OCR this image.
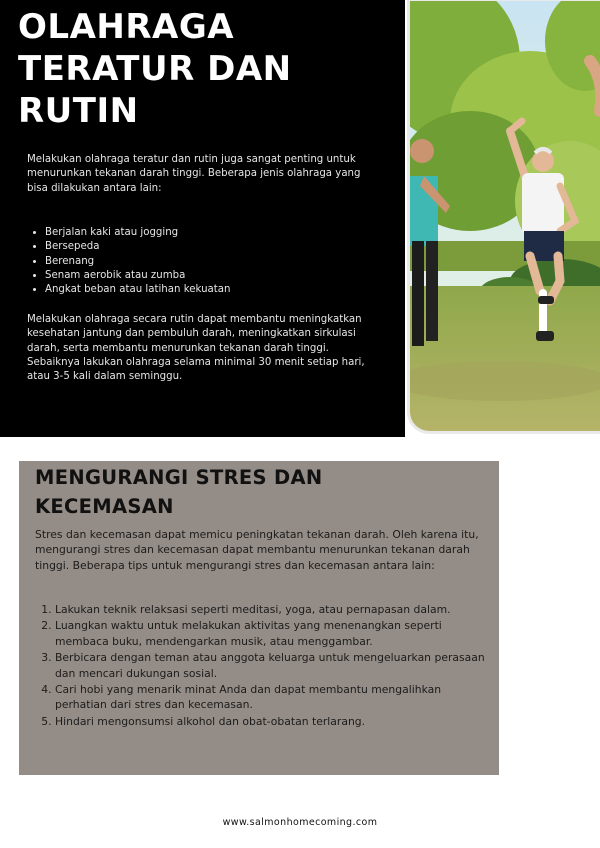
OLAHRAGA
TERATUR DAN
RUTIN

Melakukan olahraga teratur dan rutin juga sangat penting untuk menurunkan tekanan darah tinggi. Beberapa jenis olahraga yang bisa dilakukan antara lain:

• Berjalan kaki atau jogging
• Bersepeda
• Berenang
• Senam aerobik atau zumba
• Angkat beban atau latihan kekuatan

Melakukan olahraga secara rutin dapat membantu meningkatkan kesehatan jantung dan pembuluh darah, meningkatkan sirkulasi darah, serta membantu menurunkan tekanan darah tinggi. Sebaiknya lakukan olahraga selama minimal 30 menit setiap hari, atau 3-5 kali dalam seminggu.

MENGURANGI STRES DAN
KECEMASAN

Stres dan kecemasan dapat memicu peningkatan tekanan darah. Oleh karena itu, mengurangi stres dan kecemasan dapat membantu menurunkan tekanan darah tinggi. Beberapa tips untuk mengurangi stres dan kecemasan antara lain:

1. Lakukan teknik relaksasi seperti meditasi, yoga, atau pernapasan dalam.
2. Luangkan waktu untuk melakukan aktivitas yang menenangkan seperti membaca buku, mendengarkan musik, atau menggambar.
3. Berbicara dengan teman atau anggota keluarga untuk mengeluarkan perasaan dan mencari dukungan sosial.
4. Cari hobi yang menarik minat Anda dan dapat membantu mengalihkan perhatian dari stres dan kecemasan.
5. Hindari mengonsumsi alkohol dan obat-obatan terlarang.

www.salmonhomecoming.com
